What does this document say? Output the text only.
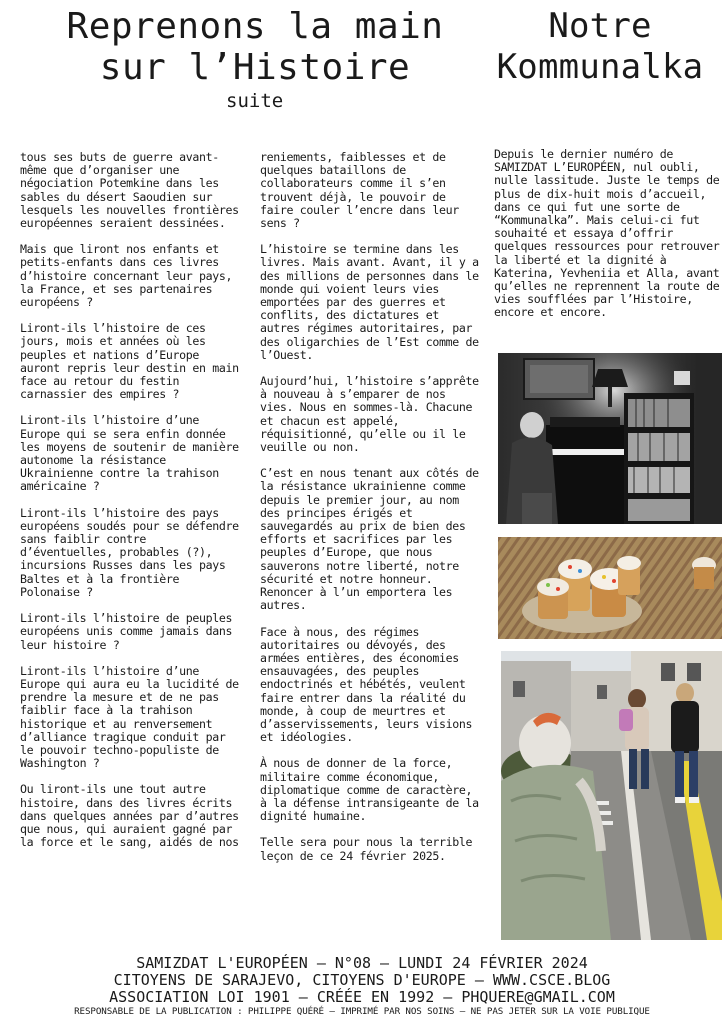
Reprenons la main
sur l’Histoire
suite
Notre
Kommunalka

tous ses buts de guerre avant-même que d’organiser une négociation Potemkine dans les sables du désert Saoudien sur lesquels les nouvelles frontières européennes seraient dessinées.

Mais que liront nos enfants et petits-enfants dans ces livres d’histoire concernant leur pays, la France, et ses partenaires européens ?

Liront-ils l’histoire de ces jours, mois et années où les peuples et nations d’Europe auront repris leur destin en main face au retour du festin carnassier des empires ?

Liront-ils l’histoire d’une Europe qui se sera enfin donnée les moyens de soutenir de manière autonome la résistance Ukrainienne contre la trahison américaine ?

Liront-ils l’histoire des pays européens soudés pour se défendre sans faiblir contre d’éventuelles, probables (?), incursions Russes dans les pays Baltes et à la frontière Polonaise ?

Liront-ils l’histoire de peuples européens unis comme jamais dans leur histoire ?

Liront-ils l’histoire d’une Europe qui aura eu la lucidité de prendre la mesure et de ne pas faiblir face à la trahison historique et au renversement d’alliance tragique conduit par le pouvoir techno-populiste de Washington ?

Ou liront-ils une tout autre histoire, dans des livres écrits dans quelques années par d’autres que nous, qui auraient gagné par la force et le sang, aidés de nos

reniements, faiblesses et de quelques bataillons de collaborateurs comme il s’en trouvent déjà, le pouvoir de faire couler l’encre dans leur sens ?

L’histoire se termine dans les livres. Mais avant. Avant, il y a des millions de personnes dans le monde qui voient leurs vies emportées par des guerres et conflits, des dictatures et autres régimes autoritaires, par des oligarchies de l’Est comme de l’Ouest.

Aujourd’hui, l’histoire s’apprête à nouveau à s’emparer de nos vies. Nous en sommes-là. Chacune et chacun est appelé, réquisitionné, qu’elle ou il le veuille ou non.

C’est en nous tenant aux côtés de la résistance ukrainienne comme depuis le premier jour, au nom des principes érigés et sauvegardés au prix de bien des efforts et sacrifices par les peuples d’Europe, que nous sauverons notre liberté, notre sécurité et notre honneur. Renoncer à l’un emportera les autres.

Face à nous, des régimes autoritaires ou dévoyés, des armées entières, des économies ensauvagées, des peuples endoctrinés et hébétés, veulent faire entrer dans la réalité du monde, à coup de meurtres et d’asservissements, leurs visions et idéologies.

À nous de donner de la force, militaire comme économique, diplomatique comme de caractère, à la défense intransigeante de la dignité humaine.

Telle sera pour nous la terrible leçon de ce 24 février 2025.

Depuis le dernier numéro de SAMIZDAT L’EUROPÉEN, nul oubli, nulle lassitude. Juste le temps de plus de dix-huit mois d’accueil, dans ce qui fut une sorte de “Kommunalka”. Mais celui-ci fut souhaité et essaya d’offrir quelques ressources pour retrouver la liberté et la dignité à Katerina, Yevheniia et Alla, avant qu’elles ne reprennent la route de vies soufflées par l’Histoire, encore et encore.

SAMIZDAT L'EUROPÉEN – N°08 – LUNDI 24 FÉVRIER 2024

CITOYENS DE SARAJEVO, CITOYENS D'EUROPE – WWW.CSCE.BLOG

ASSOCIATION LOI 1901 – CRÉÉE EN 1992 – PHQUERE@GMAIL.COM

RESPONSABLE DE LA PUBLICATION : PHILIPPE QUÉRÉ – IMPRIMÉ PAR NOS SOINS – NE PAS JETER SUR LA VOIE PUBLIQUE
